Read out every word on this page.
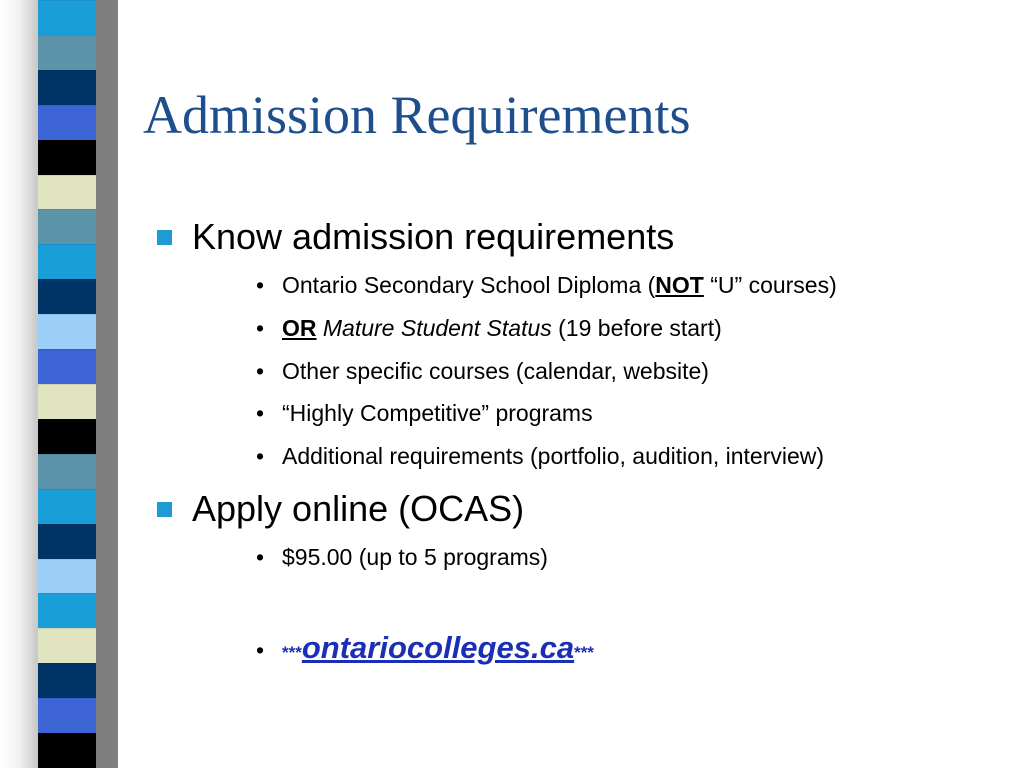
Admission Requirements
Know admission requirements
• Ontario Secondary School Diploma ( NOT “U” courses)
• OR Mature Student Status (19 before start)
• Other specific courses (calendar, website)
• “Highly Competitive” programs
• Additional requirements (portfolio, audition, interview)
Apply online (OCAS)
• $95.00 (up to 5 programs)
•	*** ontariocolleges.ca ***
